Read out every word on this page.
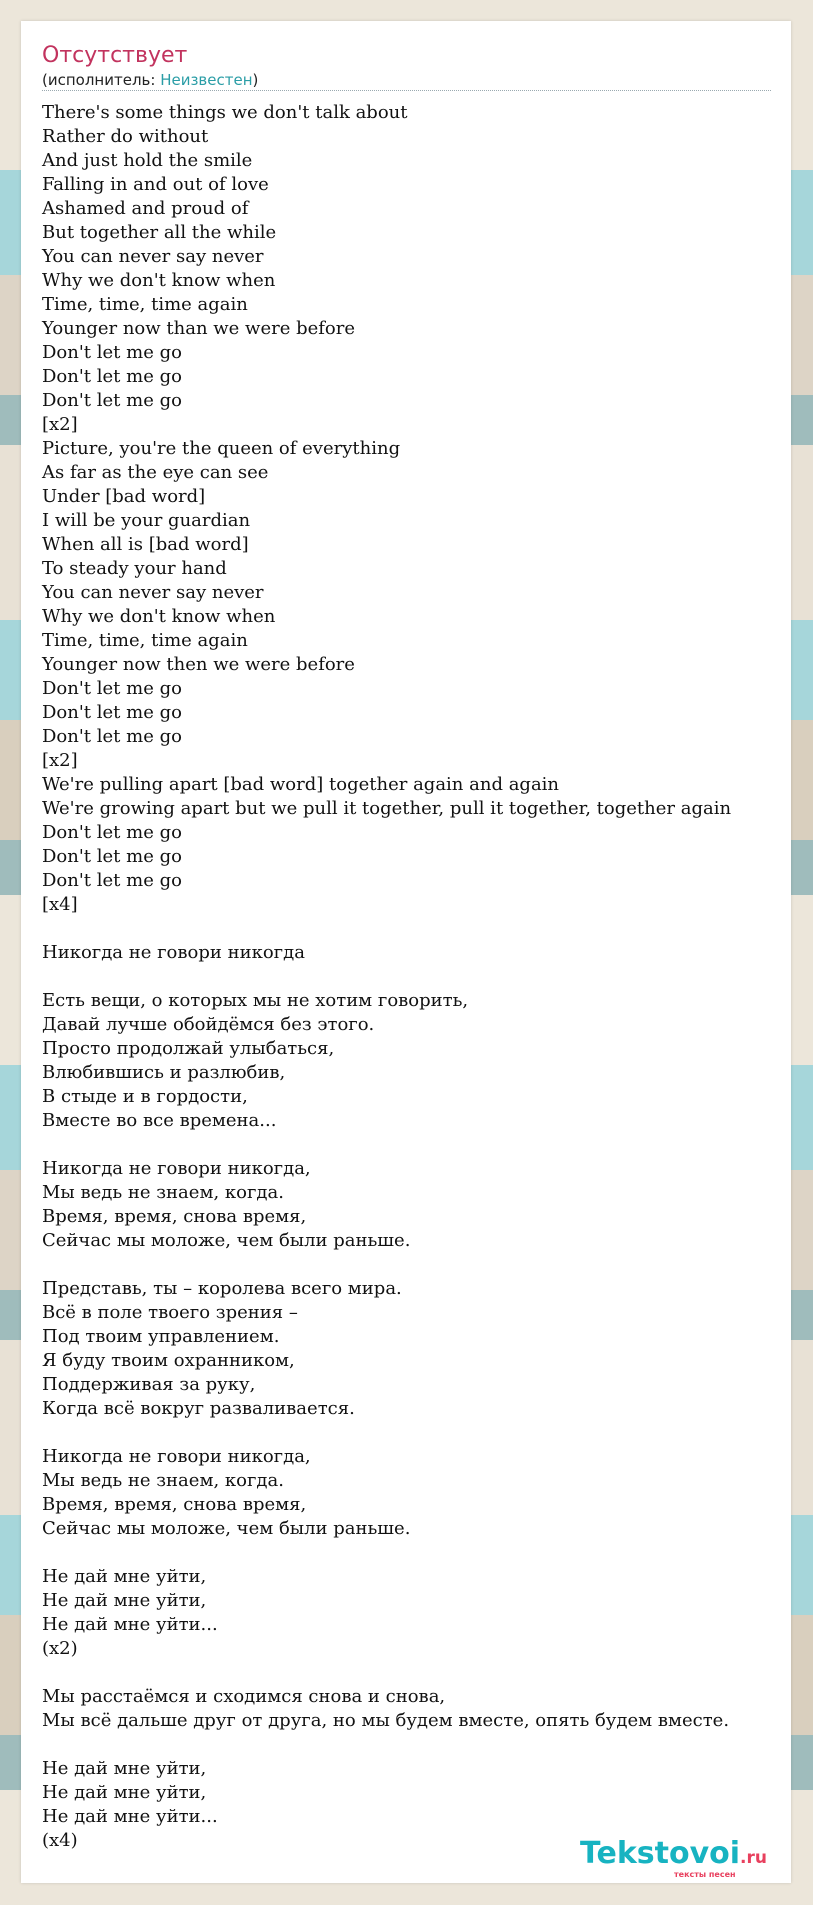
Отсутствует
(исполнитель: Неизвестен)
There's some things we don't talk about
Rather do without
And just hold the smile
Falling in and out of love
Ashamed and proud of
But together all the while
You can never say never
Why we don't know when
Time, time, time again
Younger now than we were before
Don't let me go
Don't let me go
Don't let me go
[x2]
Picture, you're the queen of everything
As far as the eye can see
Under [bad word]
I will be your guardian
When all is [bad word]
To steady your hand
You can never say never
Why we don't know when
Time, time, time again
Younger now then we were before
Don't let me go
Don't let me go
Don't let me go
[x2]
We're pulling apart [bad word] together again and again
We're growing apart but we pull it together, pull it together, together again
Don't let me go
Don't let me go
Don't let me go
[x4]

Никогда не говори никогда

Есть вещи, о которых мы не хотим говорить,
Давай лучше обойдёмся без этого.
Просто продолжай улыбаться,
Влюбившись и разлюбив,
В стыде и в гордости,
Вместе во все времена...

Никогда не говори никогда,
Мы ведь не знаем, когда.
Время, время, снова время,
Сейчас мы моложе, чем были раньше.

Представь, ты – королева всего мира.
Всё в поле твоего зрения –
Под твоим управлением.
Я буду твоим охранником,
Поддерживая за руку,
Когда всё вокруг разваливается.

Никогда не говори никогда,
Мы ведь не знаем, когда.
Время, время, снова время,
Сейчас мы моложе, чем были раньше.

Не дай мне уйти,
Не дай мне уйти,
Не дай мне уйти...
(x2)

Мы расстаёмся и сходимся снова и снова,
Мы всё дальше друг от друга, но мы будем вместе, опять будем вместе.

Не дай мне уйти,
Не дай мне уйти,
Не дай мне уйти...
(x4)	Tekstovoi.ru
тексты песен
